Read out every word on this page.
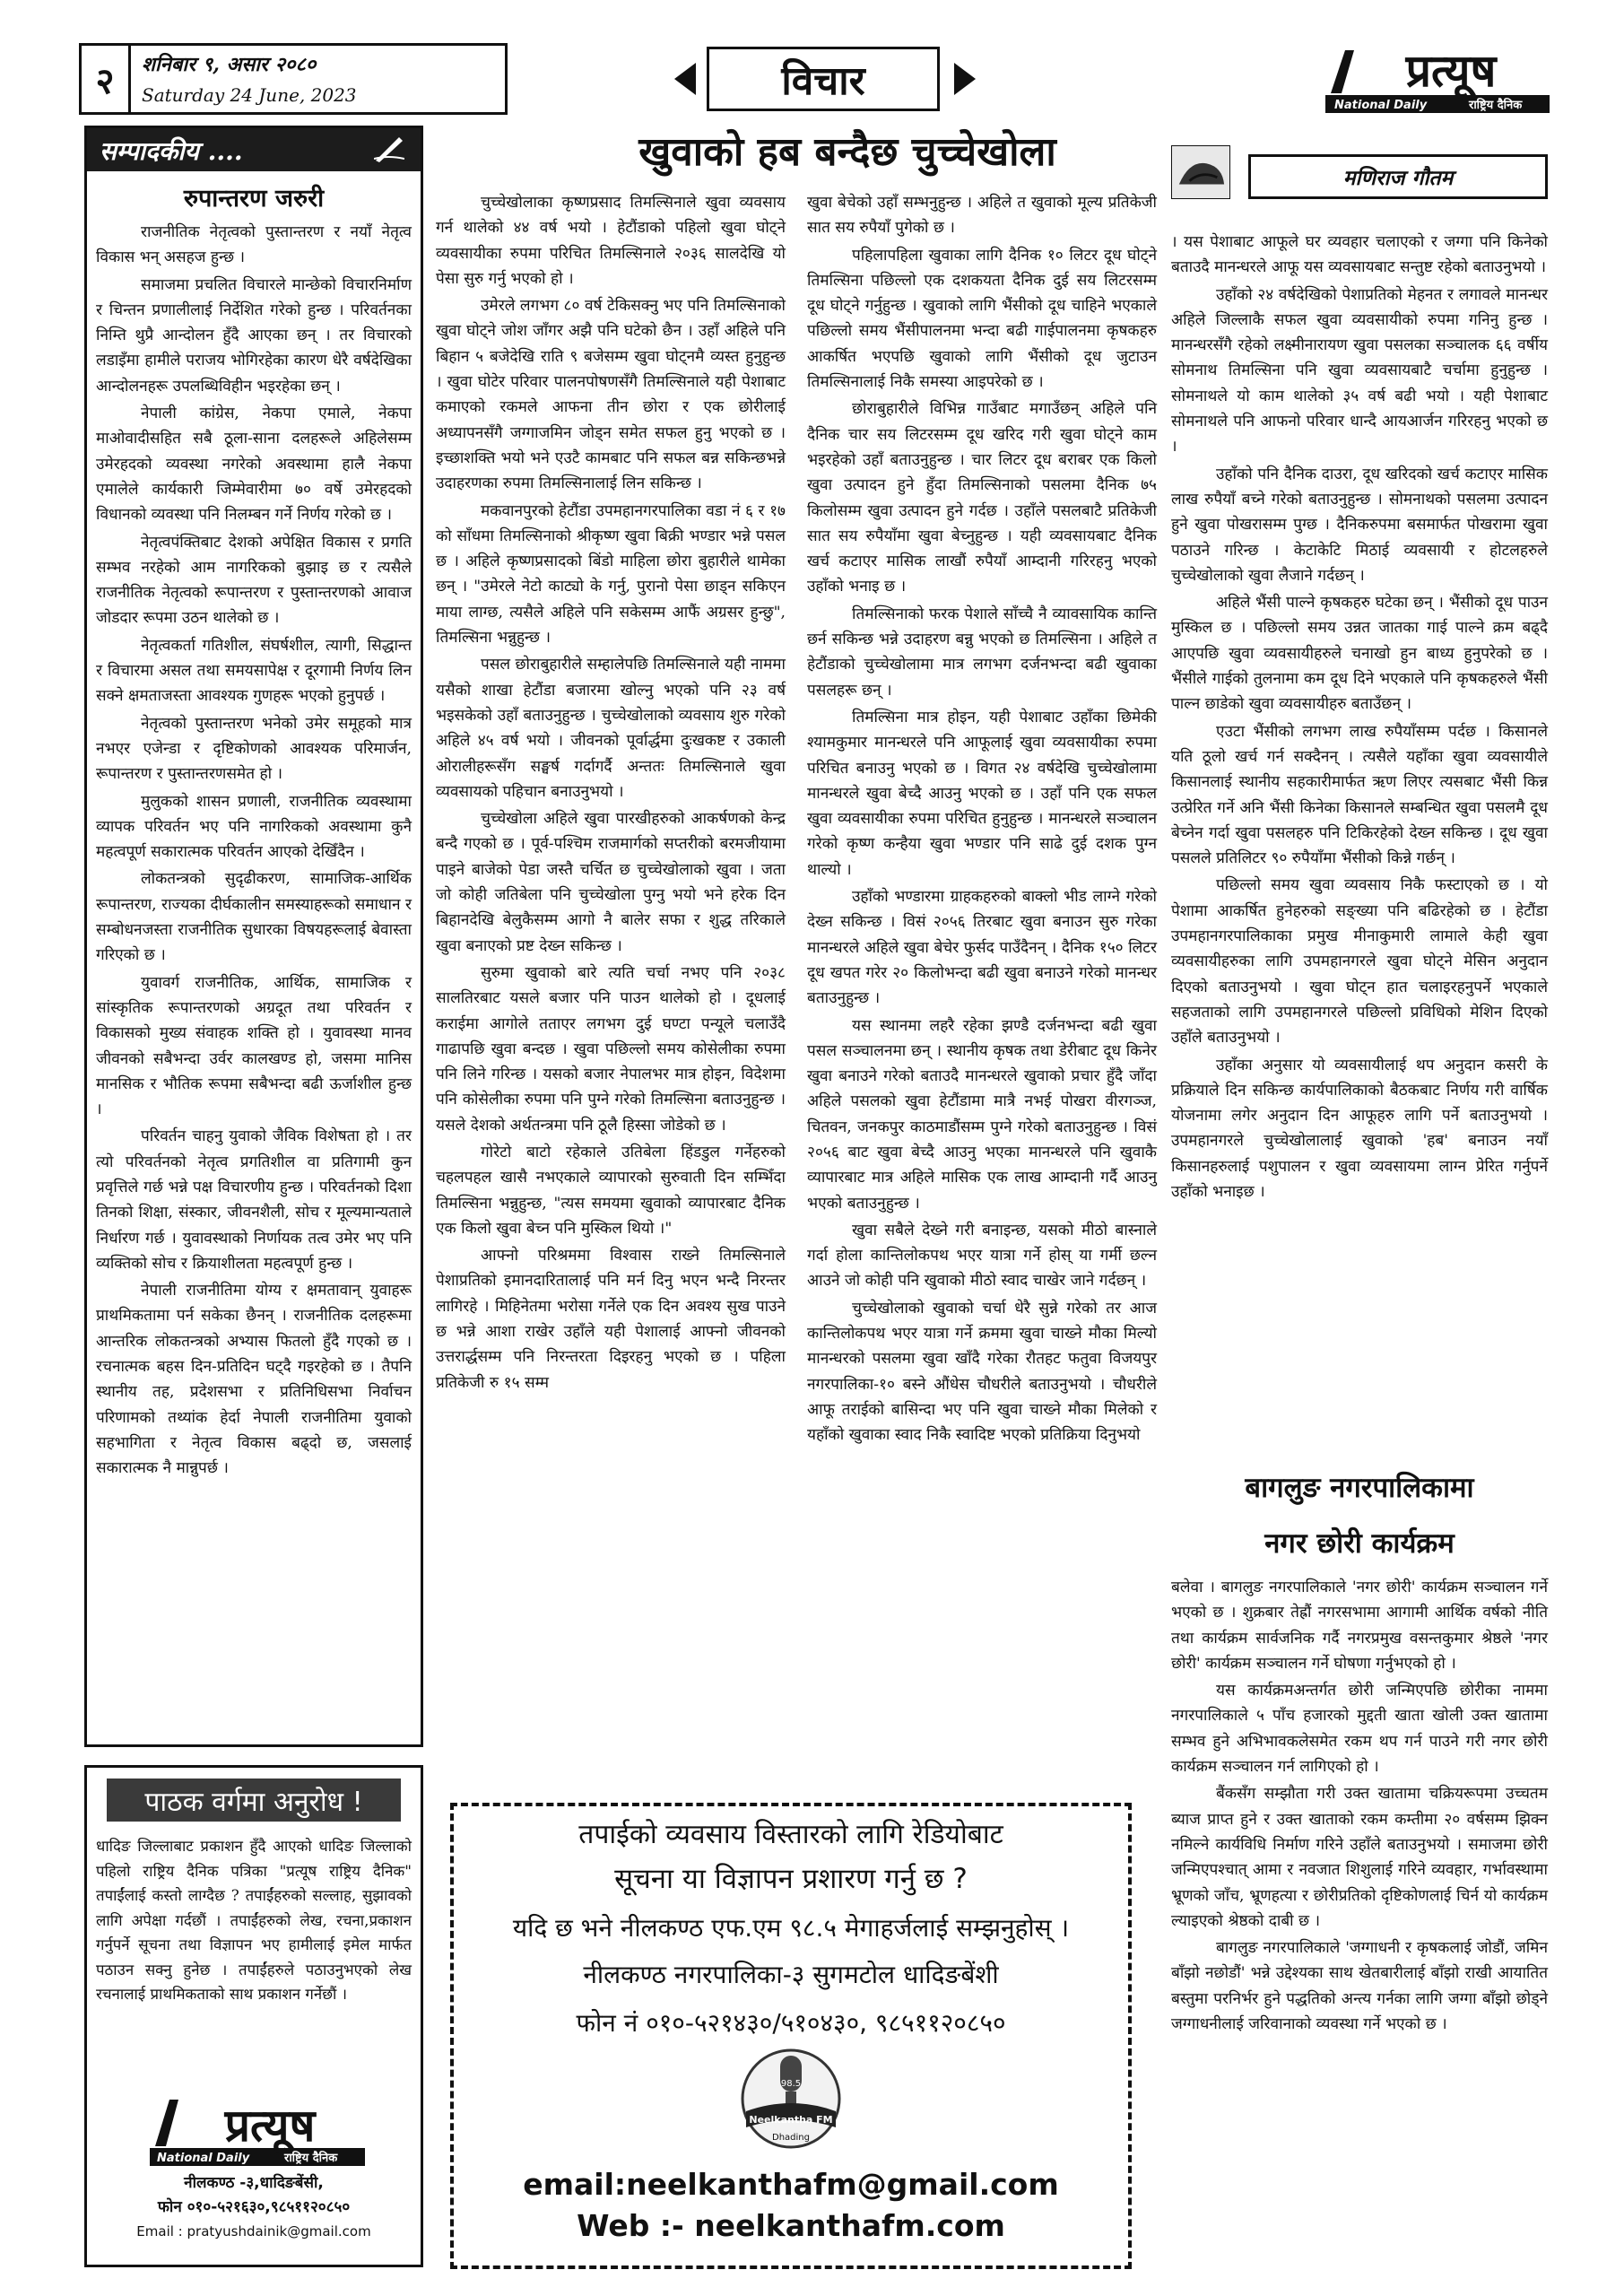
२	शनिबार ९, असार २०८०
Saturday 24 June, 2023	विचार	प्रत्यूष
National Daily	राष्ट्रिय दैनिक
सम्पादकीय ....
रुपान्तरण जरुरी

राजनीतिक नेतृत्वको पुस्तान्तरण र नयाँ नेतृत्व विकास भन् असहज हुन्छ ।

समाजमा प्रचलित विचारले मान्छेको विचारनिर्माण र चिन्तन प्रणालीलाई निर्देशित गरेको हुन्छ । परिवर्तनका निम्ति थुप्रै आन्दोलन हुँदै आएका छन् । तर विचारको लडाइँमा हामीले पराजय भोगिरहेका कारण धेरै वर्षदेखिका आन्दोलनहरू उपलब्धिविहीन भइरहेका छन् ।

नेपाली कांग्रेस, नेकपा एमाले, नेकपा माओवादीसहित सबै ठूला-साना दलहरूले अहिलेसम्म उमेरहदको व्यवस्था नगरेको अवस्थामा हालै नेकपा एमालेले कार्यकारी जिम्मेवारीमा ७० वर्षे उमेरहदको विधानको व्यवस्था पनि निलम्बन गर्ने निर्णय गरेको छ ।

नेतृत्वपंक्तिबाट देशको अपेक्षित विकास र प्रगति सम्भव नरहेको आम नागरिकको बुझाइ छ र त्यसैले राजनीतिक नेतृत्वको रूपान्तरण र पुस्तान्तरणको आवाज जोडदार रूपमा उठन थालेको छ ।

नेतृत्वकर्ता गतिशील, संघर्षशील, त्यागी, सिद्धान्त र विचारमा असल तथा समयसापेक्ष र दूरगामी निर्णय लिन सक्ने क्षमताजस्ता आवश्यक गुणहरू भएको हुनुपर्छ ।

नेतृत्वको पुस्तान्तरण भनेको उमेर समूहको मात्र नभएर एजेन्डा र दृष्टिकोणको आवश्यक परिमार्जन, रूपान्तरण र पुस्तान्तरणसमेत हो ।

मुलुकको शासन प्रणाली, राजनीतिक व्यवस्थामा व्यापक परिवर्तन भए पनि नागरिकको अवस्थामा कुनै महत्वपूर्ण सकारात्मक परिवर्तन आएको देखिँदैन ।

लोकतन्त्रको सुदृढीकरण, सामाजिक-आर्थिक रूपान्तरण, राज्यका दीर्घकालीन समस्याहरूको समाधान र सम्बोधनजस्ता राजनीतिक सुधारका विषयहरूलाई बेवास्ता गरिएको छ ।

युवावर्ग राजनीतिक, आर्थिक, सामाजिक र सांस्कृतिक रूपान्तरणको अग्रदूत तथा परिवर्तन र विकासको मुख्य संवाहक शक्ति हो । युवावस्था मानव जीवनको सबैभन्दा उर्वर कालखण्ड हो, जसमा मानिस मानसिक र भौतिक रूपमा सबैभन्दा बढी ऊर्जाशील हुन्छ ।

परिवर्तन चाहनु युवाको जैविक विशेषता हो । तर त्यो परिवर्तनको नेतृत्व प्रगतिशील वा प्रतिगामी कुन प्रवृत्तिले गर्छ भन्ने पक्ष विचारणीय हुन्छ । परिवर्तनको दिशा तिनको शिक्षा, संस्कार, जीवनशैली, सोच र मूल्यमान्यताले निर्धारण गर्छ । युवावस्थाको निर्णायक तत्व उमेर भए पनि व्यक्तिको सोच र क्रियाशीलता महत्वपूर्ण हुन्छ ।

नेपाली राजनीतिमा योग्य र क्षमतावान् युवाहरू प्राथमिकतामा पर्न सकेका छैनन् । राजनीतिक दलहरूमा आन्तरिक लोकतन्त्रको अभ्यास फितलो हुँदै गएको छ । रचनात्मक बहस दिन-प्रतिदिन घट्दै गइरहेको छ । तैपनि स्थानीय तह, प्रदेशसभा र प्रतिनिधिसभा निर्वाचन परिणामको तथ्यांक हेर्दा नेपाली राजनीतिमा युवाको सहभागिता र नेतृत्व विकास बढ्दो छ, जसलाई सकारात्मक नै मान्नुपर्छ ।

पाठक वर्गमा अनुरोध !
धादिङ जिल्लाबाट प्रकाशन हुँदै आएको धादिङ जिल्लाको पहिलो राष्ट्रिय दैनिक पत्रिका "प्रत्यूष राष्ट्रिय दैनिक" तपाईंलाई कस्तो लाग्दैछ ? तपाईंहरुको सल्लाह, सुझावको लागि अपेक्षा गर्दछौं । तपाईंहरुको लेख, रचना,प्रकाशन गर्नुपर्ने सूचना तथा विज्ञापन भए हामीलाई इमेल मार्फत पठाउन सक्नु हुनेछ । तपाईंहरुले पठाउनुभएको लेख रचनालाई प्राथमिकताको साथ प्रकाशन गर्नेछौं ।
प्रत्यूष
National Daily	राष्ट्रिय दैनिक
नीलकण्ठ -३,धादिङबेंसी,
फोन ०१०-५२१६३०,९८५११२०८५०
Email : pratyushdainik@gmail.com
खुवाको हब बन्दैछ चुच्चेखोला

चुच्चेखोलाका कृष्णप्रसाद तिमल्सिनाले खुवा व्यवसाय गर्न थालेको ४४ वर्ष भयो । हेटौंडाको पहिलो खुवा घोट्ने व्यवसायीका रुपमा परिचित तिमल्सिनाले २०३६ सालदेखि यो पेसा सुरु गर्नु भएको हो ।

उमेरले लगभग ८० वर्ष टेकिसक्नु भए पनि तिमल्सिनाको खुवा घोट्ने जोश जाँगर अझै पनि घटेको छैन । उहाँ अहिले पनि बिहान ५ बजेदेखि राति ९ बजेसम्म खुवा घोट्नमै व्यस्त हुनुहुन्छ । खुवा घोटेर परिवार पालनपोषणसँगै तिमल्सिनाले यही पेशाबाट कमाएको रकमले आफना तीन छोरा र एक छोरीलाई अध्यापनसँगै जग्गाजमिन जोड्न समेत सफल हुनु भएको छ । इच्छाशक्ति भयो भने एउटै कामबाट पनि सफल बन्न सकिन्छभन्ने उदाहरणका रुपमा तिमल्सिनालाई लिन सकिन्छ ।

मकवानपुरको हेटौंडा उपमहानगरपालिका वडा नं ६ र १७ को साँधमा तिमल्सिनाको श्रीकृष्ण खुवा बिक्री भण्डार भन्ने पसल छ । अहिले कृष्णप्रसादको बिंडो माहिला छोरा बुहारीले थामेका छन् । "उमेरले नेटो काट्यो के गर्नु, पुरानो पेसा छाड्न सकिएन माया लाग्छ, त्यसैले अहिले पनि सकेसम्म आफैं अग्रसर हुन्छु", तिमल्सिना भन्नुहुन्छ ।

पसल छोराबुहारीले सम्हालेपछि तिमल्सिनाले यही नाममा यसैको शाखा हेटौंडा बजारमा खोल्नु भएको पनि २३ वर्ष भइसकेको उहाँ बताउनुहुन्छ । चुच्चेखोलाको व्यवसाय शुरु गरेको अहिले ४५ वर्ष भयो । जीवनको पूर्वार्द्धमा दुःखकष्ट र उकाली ओरालीहरूसँग सङ्घर्ष गर्दागर्दै अन्ततः तिमल्सिनाले खुवा व्यवसायको पहिचान बनाउनुभयो ।

चुच्चेखोला अहिले खुवा पारखीहरुको आकर्षणको केन्द्र बन्दै गएको छ । पूर्व-पश्चिम राजमार्गको सप्तरीको बरमजीयामा पाइने बाजेको पेडा जस्तै चर्चित छ चुच्चेखोलाको खुवा । जता जो कोही जतिबेला पनि चुच्चेखोला पुग्नु भयो भने हरेक दिन बिहानदेखि बेलुकैसम्म आगो नै बालेर सफा र शुद्ध तरिकाले खुवा बनाएको प्रष्ट देख्न सकिन्छ ।

सुरुमा खुवाको बारे त्यति चर्चा नभए पनि २०३८ सालतिरबाट यसले बजार पनि पाउन थालेको हो । दूधलाई कराईमा आगोले तताएर लगभग दुई घण्टा पन्यूले चलाउँदै गाढापछि खुवा बन्दछ । खुवा पछिल्लो समय कोसेलीका रुपमा पनि लिने गरिन्छ । यसको बजार नेपालभर मात्र होइन, विदेशमा पनि कोसेलीका रुपमा पनि पुग्ने गरेको तिमल्सिना बताउनुहुन्छ । यसले देशको अर्थतन्त्रमा पनि ठूलै हिस्सा जोडेको छ ।

गोरेटो बाटो रहेकाले उतिबेला हिंडडुल गर्नेहरुको चहलपहल खासै नभएकाले व्यापारको सुरुवाती दिन सम्भिँदा तिमल्सिना भन्नुहुन्छ, "त्यस समयमा खुवाको व्यापारबाट दैनिक एक किलो खुवा बेच्न पनि मुस्किल थियो ।"

आफ्नो परिश्रममा विश्वास राख्ने तिमल्सिनाले पेशाप्रतिको इमानदारितालाई पनि मर्न दिनु भएन भन्दै निरन्तर लागिरहे । मिहिनेतमा भरोसा गर्नेले एक दिन अवश्य सुख पाउने छ भन्ने आशा राखेर उहाँले यही पेशालाई आफ्नो जीवनको उत्तरार्द्धसम्म पनि निरन्तरता दिइरहनु भएको छ । पहिला प्रतिकेजी रु १५ सम्म

खुवा बेचेको उहाँ सम्भनुहुन्छ । अहिले त खुवाको मूल्य प्रतिकेजी सात सय रुपैयाँ पुगेको छ ।

पहिलापहिला खुवाका लागि दैनिक १० लिटर दूध घोट्ने तिमल्सिना पछिल्लो एक दशकयता दैनिक दुई सय लिटरसम्म दूध घोट्ने गर्नुहुन्छ । खुवाको लागि भैंसीको दूध चाहिने भएकाले पछिल्लो समय भैंसीपालनमा भन्दा बढी गाईपालनमा कृषकहरु आकर्षित भएपछि खुवाको लागि भैंसीको दूध जुटाउन तिमल्सिनालाई निकै समस्या आइपरेको छ ।

छोराबुहारीले विभिन्न गाउँबाट मगाउँछन् अहिले पनि दैनिक चार सय लिटरसम्म दूध खरिद गरी खुवा घोट्ने काम भइरहेको उहाँ बताउनुहुन्छ । चार लिटर दूध बराबर एक किलो खुवा उत्पादन हुने हुँदा तिमल्सिनाको पसलमा दैनिक ७५ किलोसम्म खुवा उत्पादन हुने गर्दछ । उहाँले पसलबाटै प्रतिकेजी सात सय रुपैयाँमा खुवा बेच्नुहुन्छ । यही व्यवसायबाट दैनिक खर्च कटाएर मासिक लाखौं रुपैयाँ आम्दानी गरिरहनु भएको उहाँको भनाइ छ ।

तिमल्सिनाको फरक पेशाले साँच्चै नै व्यावसायिक कान्ति छर्न सकिन्छ भन्ने उदाहरण बन्नु भएको छ तिमल्सिना । अहिले त हेटौंडाको चुच्चेखोलामा मात्र लगभग दर्जनभन्दा बढी खुवाका पसलहरू छन् ।

तिमल्सिना मात्र होइन, यही पेशाबाट उहाँका छिमेकी श्यामकुमार मानन्धरले पनि आफूलाई खुवा व्यवसायीका रुपमा परिचित बनाउनु भएको छ । विगत २४ वर्षदेखि चुच्चेखोलामा मानन्धरले खुवा बेच्दै आउनु भएको छ । उहाँ पनि एक सफल खुवा व्यवसायीका रुपमा परिचित हुनुहुन्छ । मानन्धरले सञ्चालन गरेको कृष्ण कन्हैया खुवा भण्डार पनि साढे दुई दशक पुग्न थाल्यो ।

उहाँको भण्डारमा ग्राहकहरुको बाक्लो भीड लाग्ने गरेको देख्न सकिन्छ । विसं २०५६ तिरबाट खुवा बनाउन सुरु गरेका मानन्धरले अहिले खुवा बेचेर फुर्सद पाउँदैनन् । दैनिक १५० लिटर दूध खपत गरेर २० किलोभन्दा बढी खुवा बनाउने गरेको मानन्धर बताउनुहुन्छ ।

यस स्थानमा लहरै रहेका झण्डै दर्जनभन्दा बढी खुवा पसल सञ्चालनमा छन् । स्थानीय कृषक तथा डेरीबाट दूध किनेर खुवा बनाउने गरेको बताउदै मानन्धरले खुवाको प्रचार हुँदै जाँदा अहिले पसलको खुवा हेटौंडामा मात्रै नभई पोखरा वीरगञ्ज, चितवन, जनकपुर काठमाडौंसम्म पुग्ने गरेको बताउनुहुन्छ । विसं २०५६ बाट खुवा बेच्दै आउनु भएका मानन्धरले पनि खुवाकै व्यापारबाट मात्र अहिले मासिक एक लाख आम्दानी गर्दै आउनु भएको बताउनुहुन्छ ।

खुवा सबैले देख्ने गरी बनाइन्छ, यसको मीठो बास्नाले गर्दा होला कान्तिलोकपथ भएर यात्रा गर्ने होस् या गर्मी छल्न आउने जो कोही पनि खुवाको मीठो स्वाद चाखेर जाने गर्दछन् ।

चुच्चेखोलाको खुवाको चर्चा धेरै सुन्ने गरेको तर आज कान्तिलोकपथ भएर यात्रा गर्ने क्रममा खुवा चाख्ने मौका मिल्यो मानन्धरको पसलमा खुवा खाँदै गरेका रौतहट फतुवा विजयपुर नगरपालिका-१० बस्ने औंधेस चौधरीले बताउनुभयो । चौधरीले आफू तराईको बासिन्दा भए पनि खुवा चाख्ने मौका मिलेको र यहाँको खुवाका स्वाद निकै स्वादिष्ट भएको प्रतिक्रिया दिनुभयो

मणिराज गौतम

। यस पेशाबाट आफूले घर व्यवहार चलाएको र जग्गा पनि किनेको बताउदै मानन्धरले आफू यस व्यवसायबाट सन्तुष्ट रहेको बताउनुभयो ।

उहाँको २४ वर्षदेखिको पेशाप्रतिको मेहनत र लगावले मानन्धर अहिले जिल्लाकै सफल खुवा व्यवसायीको रुपमा गनिनु हुन्छ । मानन्धरसँगै रहेको लक्ष्मीनारायण खुवा पसलका सञ्चालक ६६ वर्षीय सोमनाथ तिमल्सिना पनि खुवा व्यवसायबाटै चर्चामा हुनुहुन्छ । सोमनाथले यो काम थालेको ३५ वर्ष बढी भयो । यही पेशाबाट सोमनाथले पनि आफनो परिवार धान्दै आयआर्जन गरिरहनु भएको छ ।

उहाँको पनि दैनिक दाउरा, दूध खरिदको खर्च कटाएर मासिक लाख रुपैयाँ बच्ने गरेको बताउनुहुन्छ । सोमनाथको पसलमा उत्पादन हुने खुवा पोखरासम्म पुग्छ । दैनिकरुपमा बसमार्फत पोखरामा खुवा पठाउने गरिन्छ । केटाकेटि मिठाई व्यवसायी र होटलहरुले चुच्चेखोलाको खुवा लैजाने गर्दछन् ।

अहिले भैंसी पाल्ने कृषकहरु घटेका छन् । भैंसीको दूध पाउन मुस्किल छ । पछिल्लो समय उन्नत जातका गाई पाल्ने क्रम बढ्दै आएपछि खुवा व्यवसायीहरुले चनाखो हुन बाध्य हुनुपरेको छ । भैंसीले गाईको तुलनामा कम दूध दिने भएकाले पनि कृषकहरुले भैंसी पाल्न छाडेको खुवा व्यवसायीहरु बताउँछन् ।

एउटा भैंसीको लगभग लाख रुपैयाँसम्म पर्दछ । किसानले यति ठूलो खर्च गर्न सक्दैनन् । त्यसैले यहाँका खुवा व्यवसायीले किसानलाई स्थानीय सहकारीमार्फत ऋण लिएर त्यसबाट भैंसी किन्न उत्प्रेरित गर्ने अनि भैंसी किनेका किसानले सम्बन्धित खुवा पसलमै दूध बेच्नेन गर्दा खुवा पसलहरु पनि टिकिरहेको देख्न सकिन्छ । दूध खुवा पसलले प्रतिलिटर ९० रुपैयाँमा भैंसीको किन्ने गर्छन् ।

पछिल्लो समय खुवा व्यवसाय निकै फस्टाएको छ । यो पेशामा आकर्षित हुनेहरुको सङ्ख्या पनि बढिरहेको छ । हेटौंडा उपमहानगरपालिकाका प्रमुख मीनाकुमारी लामाले केही खुवा व्यवसायीहरुका लागि उपमहानगरले खुवा घोट्ने मेसिन अनुदान दिएको बताउनुभयो । खुवा घोट्न हात चलाइरहनुपर्ने भएकाले सहजताको लागि उपमहानगरले पछिल्लो प्रविधिको मेशिन दिएको उहाँले बताउनुभयो ।

उहाँका अनुसार यो व्यवसायीलाई थप अनुदान कसरी के प्रक्रियाले दिन सकिन्छ कार्यपालिकाको बैठकबाट निर्णय गरी वार्षिक योजनामा लगेर अनुदान दिन आफूहरु लागि पर्ने बताउनुभयो । उपमहानगरले चुच्चेखोलालाई खुवाको 'हब' बनाउन नयाँ किसानहरुलाई पशुपालन र खुवा व्यवसायमा लाग्न प्रेरित गर्नुपर्ने उहाँको भनाइछ ।

बागलुङ नगरपालिकामा
नगर छोरी कार्यक्रम

बलेवा । बागलुङ नगरपालिकाले 'नगर छोरी' कार्यक्रम सञ्चालन गर्ने भएको छ । शुक्रबार तेह्रौं नगरसभामा आगामी आर्थिक वर्षको नीति तथा कार्यक्रम सार्वजनिक गर्दै नगरप्रमुख वसन्तकुमार श्रेष्ठले 'नगर छोरी' कार्यक्रम सञ्चालन गर्ने घोषणा गर्नुभएको हो ।

यस कार्यक्रमअन्तर्गत छोरी जन्मिएपछि छोरीका नाममा नगरपालिकाले ५ पाँच हजारको मुद्दती खाता खोली उक्त खातामा सम्भव हुने अभिभावकलेसमेत रकम थप गर्न पाउने गरी नगर छोरी कार्यक्रम सञ्चालन गर्न लागिएको हो ।

बैंकसँग सम्झौता गरी उक्त खातामा चक्रियरूपमा उच्चतम ब्याज प्राप्त हुने र उक्त खाताको रकम कम्तीमा २० वर्षसम्म झिक्न नमिल्ने कार्यविधि निर्माण गरिने उहाँले बताउनुभयो । समाजमा छोरी जन्मिएपश्चात् आमा र नवजात शिशुलाई गरिने व्यवहार, गर्भावस्थामा भ्रूणको जाँच, भ्रूणहत्या र छोरीप्रतिको दृष्टिकोणलाई चिर्न यो कार्यक्रम ल्याइएको श्रेष्ठको दाबी छ ।

बागलुङ नगरपालिकाले 'जग्गाधनी र कृषकलाई जोडौं, जमिन बाँझो नछोडौं' भन्ने उद्देश्यका साथ खेतबारीलाई बाँझो राखी आयातित बस्तुमा परनिर्भर हुने पद्धतिको अन्त्य गर्नका लागि जग्गा बाँझो छोड्ने जग्गाधनीलाई जरिवानाको व्यवस्था गर्ने भएको छ ।

तपाईको व्यवसाय विस्तारको लागि रेडियोबाट
सूचना या विज्ञापन प्रशारण गर्नु छ ?
यदि छ भने नीलकण्ठ एफ.एम ९८.५ मेगाहर्जलाई सम्झनुहोस् ।
नीलकण्ठ नगरपालिका-३ सुगमटोल धादिङबेंशी
फोन नं ०१०-५२१४३०/५१०४३०, ९८५११२०८५०
98.5
Neelkantha FM
Dhading
email:neelkanthafm@gmail.com
Web :- neelkanthafm.com
